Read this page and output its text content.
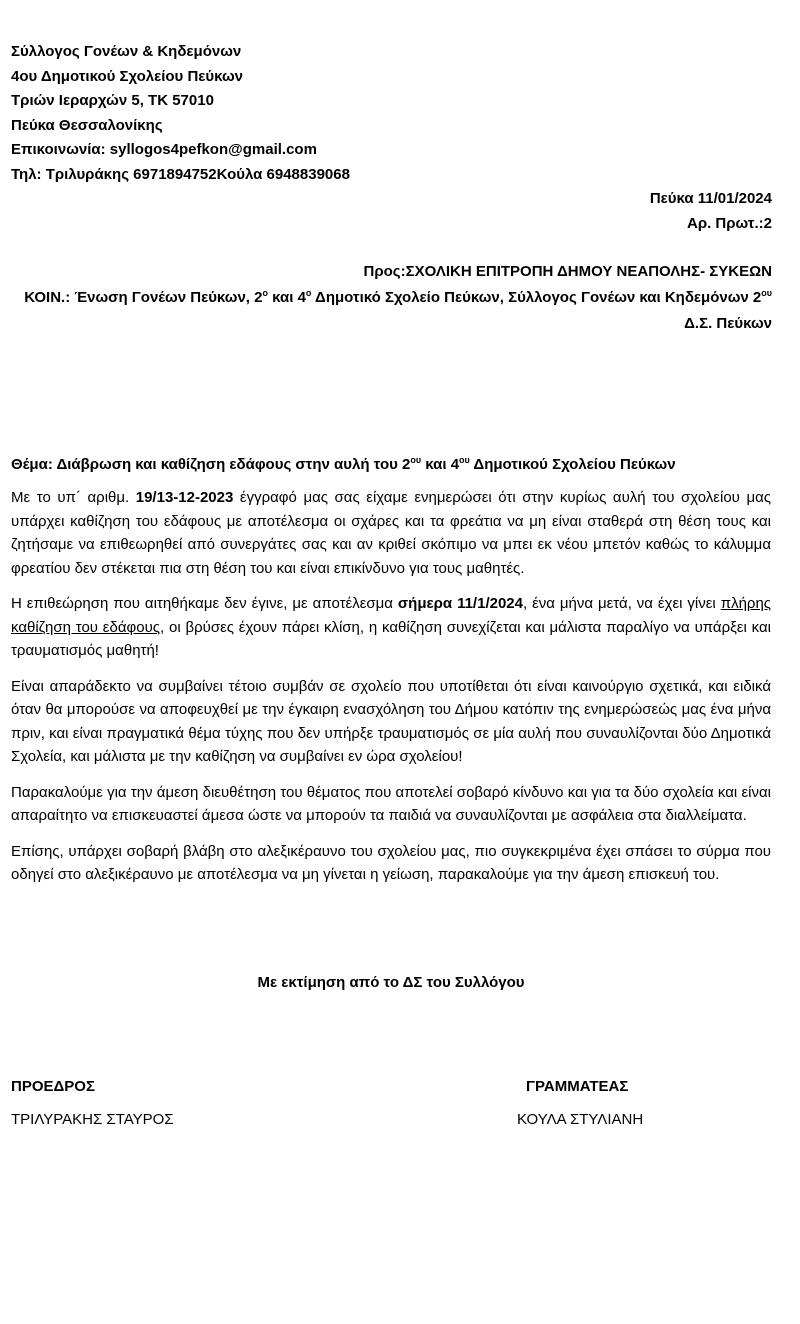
Σύλλογος Γονέων & Κηδεμόνων
4ου Δημοτικού Σχολείου Πεύκων
Τριών Ιεραρχών 5, ΤΚ 57010
Πεύκα Θεσσαλονίκης
Επικοινωνία: syllogos4pefkon@gmail.com
Τηλ: Τριλυράκης 6971894752Κούλα 6948839068
Πεύκα 11/01/2024
Αρ. Πρωτ.:2
Προς:ΣΧΟΛΙΚΗ ΕΠΙΤΡΟΠΗ ΔΗΜΟΥ ΝΕΑΠΟΛΗΣ- ΣΥΚΕΩΝ
ΚΟΙΝ.: Ένωση Γονέων Πεύκων, $2^o$ και $4^o$ Δημοτικό Σχολείο Πεύκων, Σύλλογος Γονέων και Κηδεμόνων $2^{o\upsilon}$
Δ.Σ. Πεύκων
Θέμα: Διάβρωση και καθίζηση εδάφους στην αυλή του $2^{o\upsilon}$ και $4^{o\upsilon}$ Δημοτικού Σχολείου Πεύκων

Με το υπ΄ αριθμ. 19/13-12-2023 έγγραφό μας σας είχαμε ενημερώσει ότι στην κυρίως αυλή του σχολείου μας υπάρχει καθίζηση του εδάφους με αποτέλεσμα οι σχάρες και τα φρεάτια να μη είναι σταθερά στη θέση τους και ζητήσαμε να επιθεωρηθεί από συνεργάτες σας και αν κριθεί σκόπιμο να μπει εκ νέου μπετόν καθώς το κάλυμμα φρεατίου δεν στέκεται πια στη θέση του και είναι επικίνδυνο για τους μαθητές.

Η επιθεώρηση που αιτηθήκαμε δεν έγινε, με αποτέλεσμα σήμερα 11/1/2024, ένα μήνα μετά, να έχει γίνει πλήρης καθίζηση του εδάφους, οι βρύσες έχουν πάρει κλίση, η καθίζηση συνεχίζεται και μάλιστα παραλίγο να υπάρξει και τραυματισμός μαθητή!

Είναι απαράδεκτο να συμβαίνει τέτοιο συμβάν σε σχολείο που υποτίθεται ότι είναι καινούργιο σχετικά, και ειδικά όταν θα μπορούσε να αποφευχθεί με την έγκαιρη ενασχόληση του Δήμου κατόπιν της ενημερώσεώς μας ένα μήνα πριν, και είναι πραγματικά θέμα τύχης που δεν υπήρξε τραυματισμός σε μία αυλή που συναυλίζονται δύο Δημοτικά Σχολεία, και μάλιστα με την καθίζηση να συμβαίνει εν ώρα σχολείου!

Παρακαλούμε για την άμεση διευθέτηση του θέματος που αποτελεί σοβαρό κίνδυνο και για τα δύο σχολεία και είναι απαραίτητο να επισκευαστεί άμεσα ώστε να μπορούν τα παιδιά να συναυλίζονται με ασφάλεια στα διαλλείματα.

Επίσης, υπάρχει σοβαρή βλάβη στο αλεξικέραυνο του σχολείου μας, πιο συγκεκριμένα έχει σπάσει το σύρμα που οδηγεί στο αλεξικέραυνο με αποτέλεσμα να μη γίνεται η γείωση, παρακαλούμε για την άμεση επισκευή του.

Με εκτίμηση από το ΔΣ του Συλλόγου
ΠΡΟΕΔΡΟΣ	ΓΡΑΜΜΑΤΕΑΣ
ΤΡΙΛΥΡΑΚΗΣ ΣΤΑΥΡΟΣ	ΚΟΥΛΑ ΣΤΥΛΙΑΝΗ
